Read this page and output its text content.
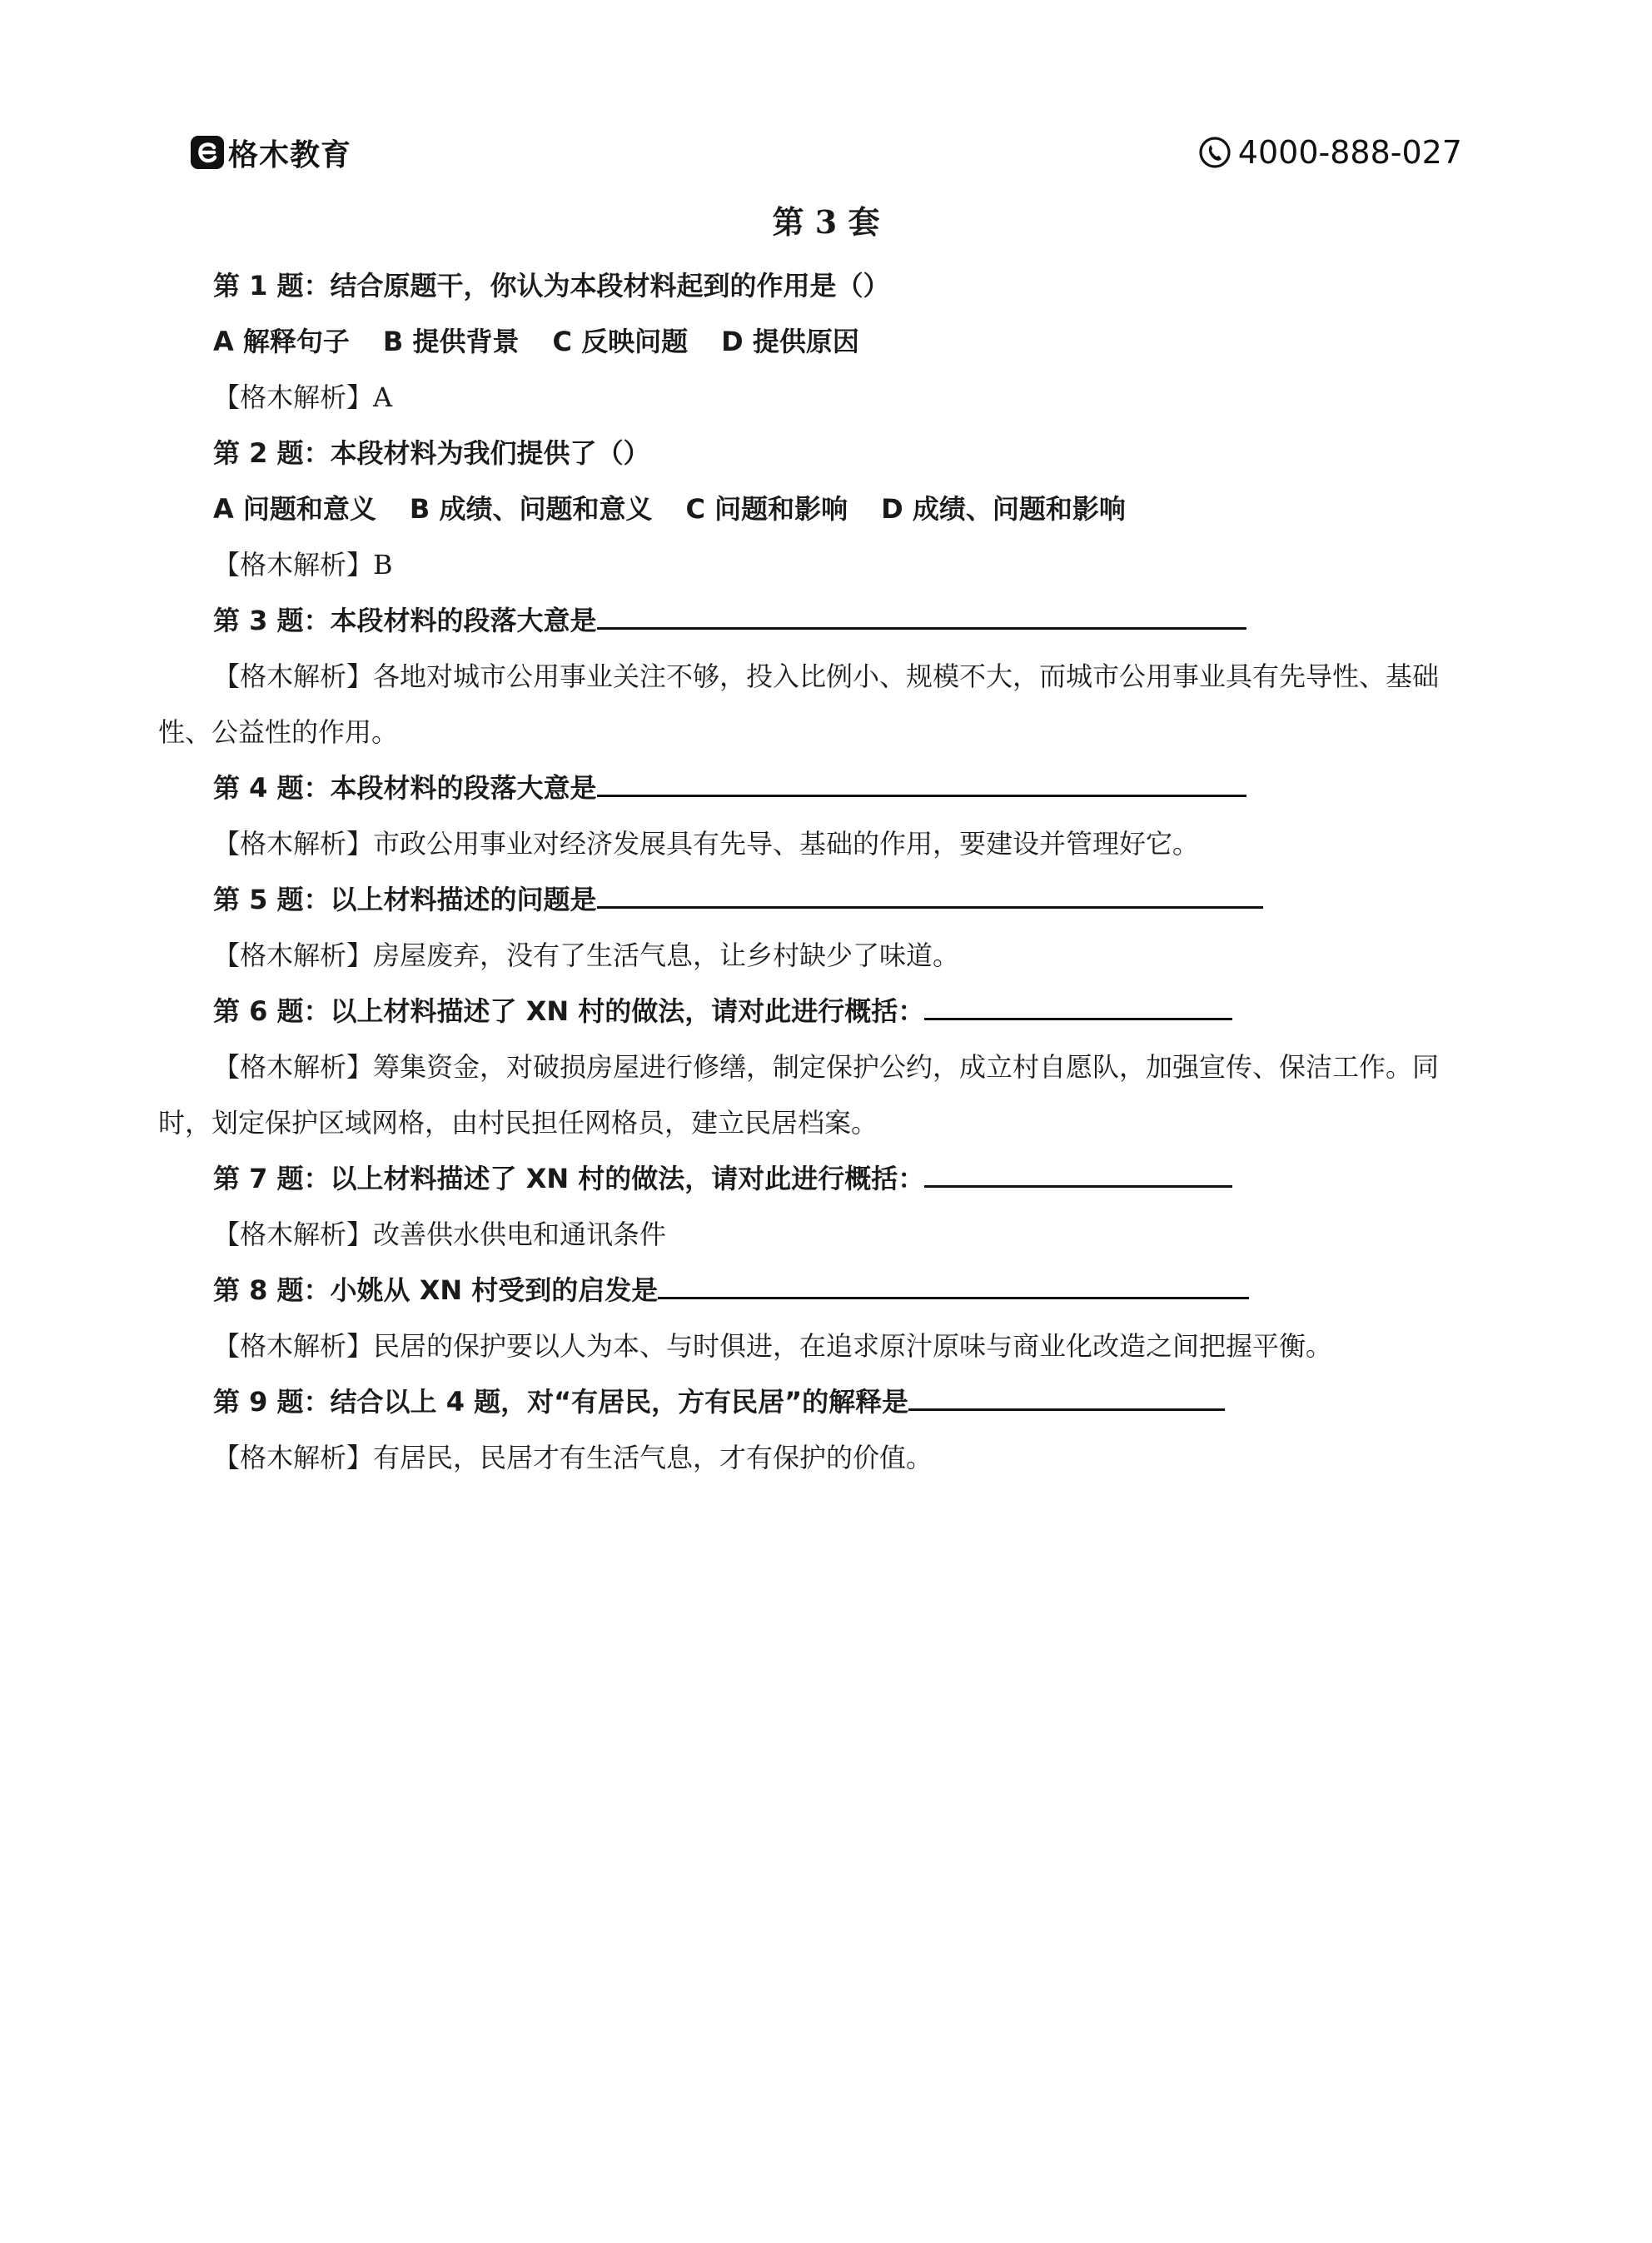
格木教育	4000-888-027
第 3 套
第 1 题：结合原题干，你认为本段材料起到的作用是（）
A 解释句子 B 提供背景 C 反映问题 D 提供原因
【格木解析】A
第 2 题：本段材料为我们提供了（）
A 问题和意义 B 成绩、问题和意义 C 问题和影响 D 成绩、问题和影响
【格木解析】B
第 3 题：本段材料的段落大意是
【格木解析】各地对城市公用事业关注不够，投入比例小、规模不大，而城市公用事业具有先导性、基础性、公益性的作用。
第 4 题：本段材料的段落大意是
【格木解析】市政公用事业对经济发展具有先导、基础的作用，要建设并管理好它。
第 5 题：以上材料描述的问题是
【格木解析】房屋废弃，没有了生活气息，让乡村缺少了味道。
第 6 题：以上材料描述了 XN 村的做法，请对此进行概括：
【格木解析】筹集资金，对破损房屋进行修缮，制定保护公约，成立村自愿队，加强宣传、保洁工作。同时，划定保护区域网格，由村民担任网格员，建立民居档案。
第 7 题：以上材料描述了 XN 村的做法，请对此进行概括：
【格木解析】改善供水供电和通讯条件
第 8 题：小姚从 XN 村受到的启发是
【格木解析】民居的保护要以人为本、与时俱进，在追求原汁原味与商业化改造之间把握平衡。
第 9 题：结合以上 4 题，对“有居民，方有民居”的解释是
【格木解析】有居民，民居才有生活气息，才有保护的价值。
